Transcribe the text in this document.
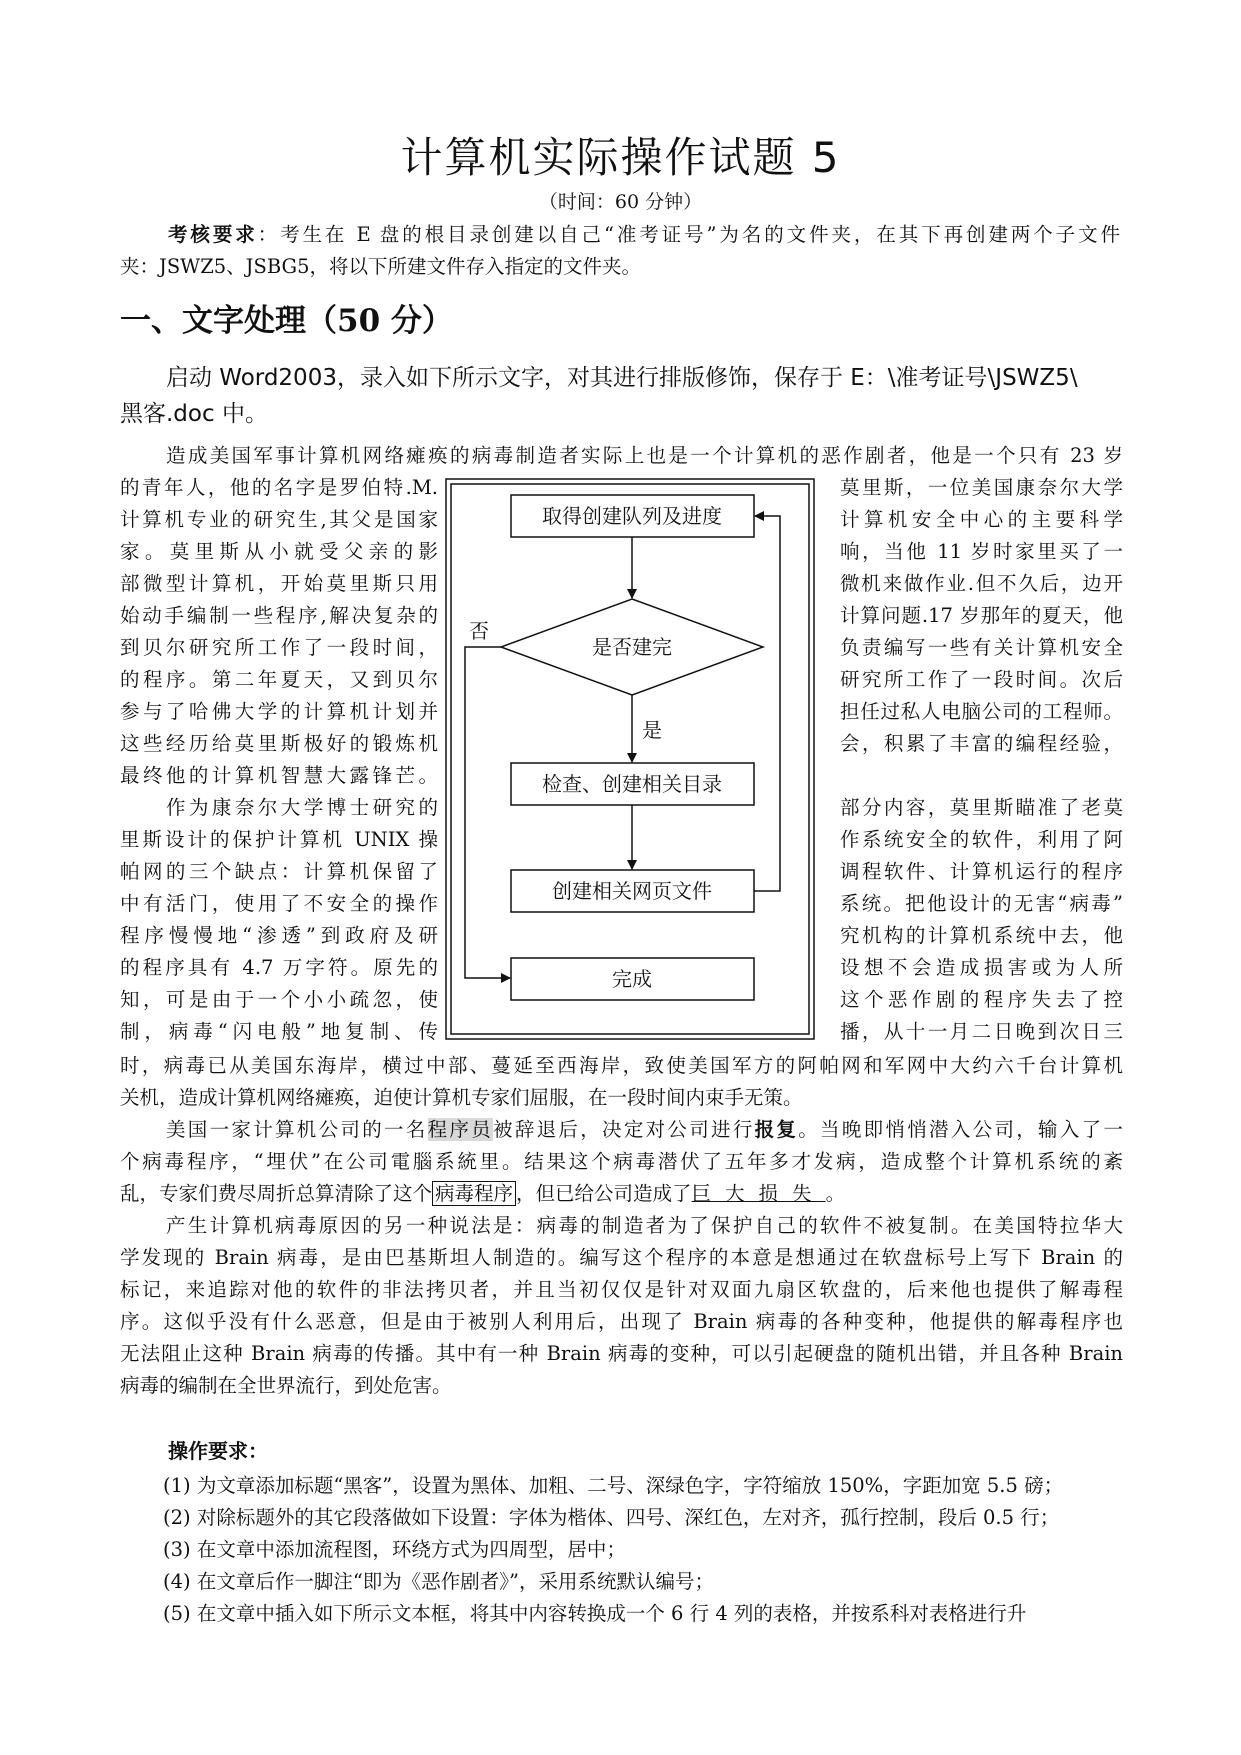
计算机实际操作试题 5
（时间：60 分钟）
考核要求：考生在 E 盘的根目录创建以自己“准考证号”为名的文件夹，在其下再创建两个子文件
夹：JSWZ5、JSBG5，将以下所建文件存入指定的文件夹。
一、文字处理（50 分）
启动 Word2003，录入如下所示文字，对其进行排版修饰，保存于 E：\准考证号\JSWZ5\
黑客.doc 中。
造成美国军事计算机网络瘫痪的病毒制造者实际上也是一个计算机的恶作剧者，他是一个只有 23 岁
的青年人，他的名字是罗伯特.M.
计算机专业的研究生,其父是国家
家。莫里斯从小就受父亲的影
部微型计算机，开始莫里斯只用
始动手编制一些程序,解决复杂的
到贝尔研究所工作了一段时间，
的程序。第二年夏天，又到贝尔
参与了哈佛大学的计算机计划并
这些经历给莫里斯极好的锻炼机
最终他的计算机智慧大露锋芒。
作为康奈尔大学博士研究的
里斯设计的保护计算机 UNIX 操
帕网的三个缺点：计算机保留了
中有活门，使用了不安全的操作
程序慢慢地“渗透”到政府及研
的程序具有 4.7 万字符。原先的
知，可是由于一个小小疏忽，使
制，病毒“闪电般”地复制、传
莫里斯，一位美国康奈尔大学
计算机安全中心的主要科学
响，当他 11 岁时家里买了一
微机来做作业.但不久后，边开
计算问题.17 岁那年的夏天，他
负责编写一些有关计算机安全
研究所工作了一段时间。次后
担任过私人电脑公司的工程师。
会，积累了丰富的编程经验，
部分内容，莫里斯瞄准了老莫
作系统安全的软件，利用了阿
调程软件、计算机运行的程序
系统。把他设计的无害“病毒”
究机构的计算机系统中去，他
设想不会造成损害或为人所
这个恶作剧的程序失去了控
播，从十一月二日晚到次日三
取得创建队列及进度
是否建完
否
是
检查、创建相关目录
创建相关网页文件
完成
时，病毒已从美国东海岸，横过中部、蔓延至西海岸，致使美国军方的阿帕网和军网中大约六千台计算机
关机，造成计算机网络瘫痪，迫使计算机专家们屈服，在一段时间内束手无策。
美国一家计算机公司的一名程序员被辞退后，决定对公司进行报复。当晚即悄悄潜入公司，输入了一
个病毒程序，“埋伏”在公司電腦系統里。结果这个病毒潜伏了五年多才发病，造成整个计算机系统的紊
乱，专家们费尽周折总算清除了这个 病毒程序 ，但已给公司造成了巨大损失。
产生计算机病毒原因的另一种说法是：病毒的制造者为了保护自己的软件不被复制。在美国特拉华大
学发现的 Brain 病毒，是由巴基斯坦人制造的。编写这个程序的本意是想通过在软盘标号上写下 Brain 的
标记，来追踪对他的软件的非法拷贝者，并且当初仅仅是针对双面九扇区软盘的，后来他也提供了解毒程
序。这似乎没有什么恶意，但是由于被别人利用后，出现了 Brain 病毒的各种变种，他提供的解毒程序也
无法阻止这种 Brain 病毒的传播。其中有一种 Brain 病毒的变种，可以引起硬盘的随机出错，并且各种 Brain
病毒的编制在全世界流行，到处危害。
操作要求：
(1) 为文章添加标题“黑客”，设置为黑体、加粗、二号、深绿色字，字符缩放 150%，字距加宽 5.5 磅；
(2) 对除标题外的其它段落做如下设置：字体为楷体、四号、深红色，左对齐，孤行控制，段后 0.5 行；
(3) 在文章中添加流程图，环绕方式为四周型，居中；
(4) 在文章后作一脚注“即为《恶作剧者》”，采用系统默认编号；
(5) 在文章中插入如下所示文本框，将其中内容转换成一个 6 行 4 列的表格，并按系科对表格进行升
